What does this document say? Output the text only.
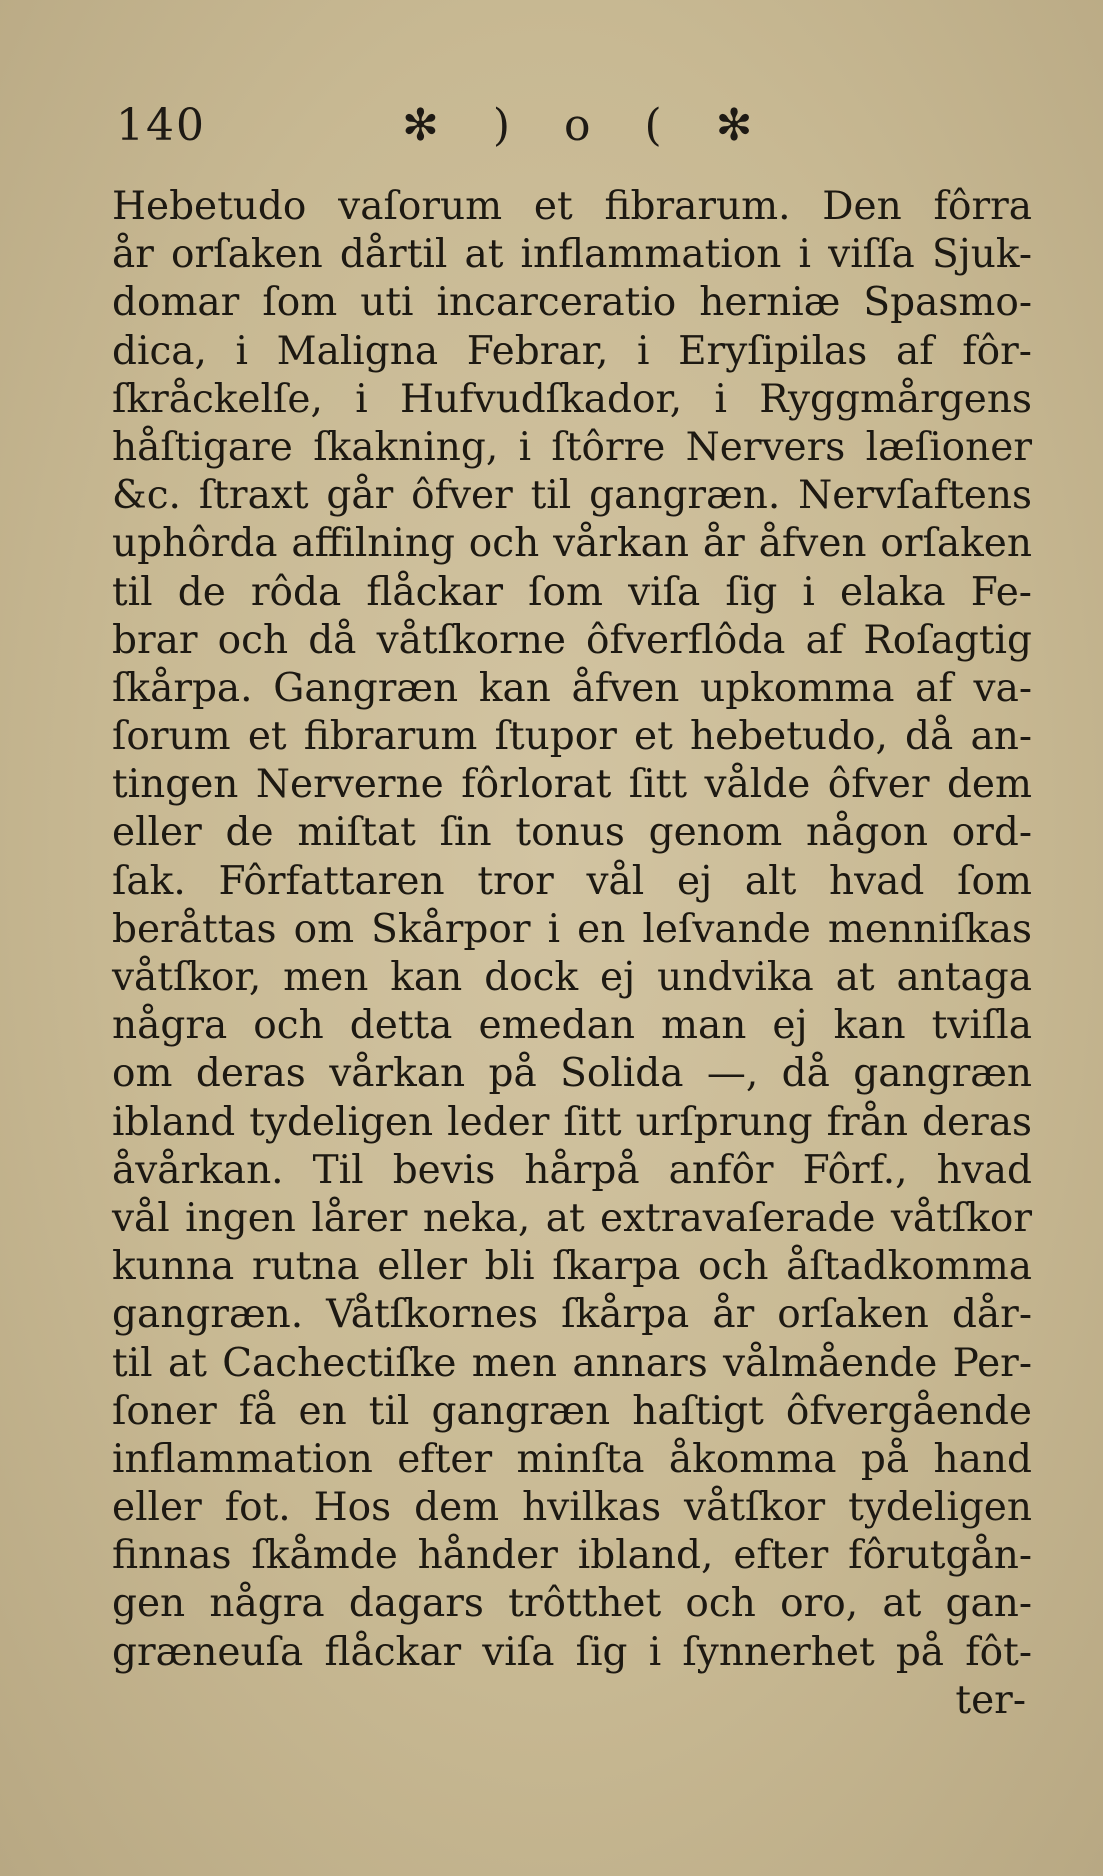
140	✻ ) o ( ✻
Hebetudo vaſorum et fibrarum. Den fôrra
år orſaken dårtil at inflammation i viſſa Sjuk-
domar ſom uti incarceratio herniæ Spasmo-
dica, i Maligna Febrar, i Eryſipilas af fôr-
ſkråckelſe, i Hufvudſkador, i Ryggmårgens
håſtigare ſkakning, i ſtôrre Nervers læſioner
&c. ſtraxt går ôfver til gangræn. Nervſaftens
uphôrda affilning och vårkan år åfven orſaken
til de rôda flåckar ſom viſa ſig i elaka Fe-
brar och då våtſkorne ôfverflôda af Roſagtig
ſkårpa. Gangræn kan åfven upkomma af va-
ſorum et fibrarum ſtupor et hebetudo, då an-
tingen Nerverne fôrlorat ſitt vålde ôfver dem
eller de miſtat ſin tonus genom någon ord-
ſak. Fôrfattaren tror vål ej alt hvad ſom
beråttas om Skårpor i en leſvande menniſkas
våtſkor, men kan dock ej undvika at antaga
några och detta emedan man ej kan tviſla
om deras vårkan på Solida —, då gangræn
ibland tydeligen leder ſitt urſprung från deras
åvårkan. Til bevis hårpå anfôr Fôrf., hvad
vål ingen lårer neka, at extravaſerade våtſkor
kunna rutna eller bli ſkarpa och åſtadkomma
gangræn. Våtſkornes ſkårpa år orſaken dår-
til at Cachectiſke men annars vålmående Per-
ſoner få en til gangræn haſtigt ôfvergående
inflammation efter minſta åkomma på hand
eller fot. Hos dem hvilkas våtſkor tydeligen
finnas ſkåmde hånder ibland, efter fôrutgån-
gen några dagars trôtthet och oro, at gan-
græneuſa flåckar viſa ſig i ſynnerhet på fôt-
ter-
